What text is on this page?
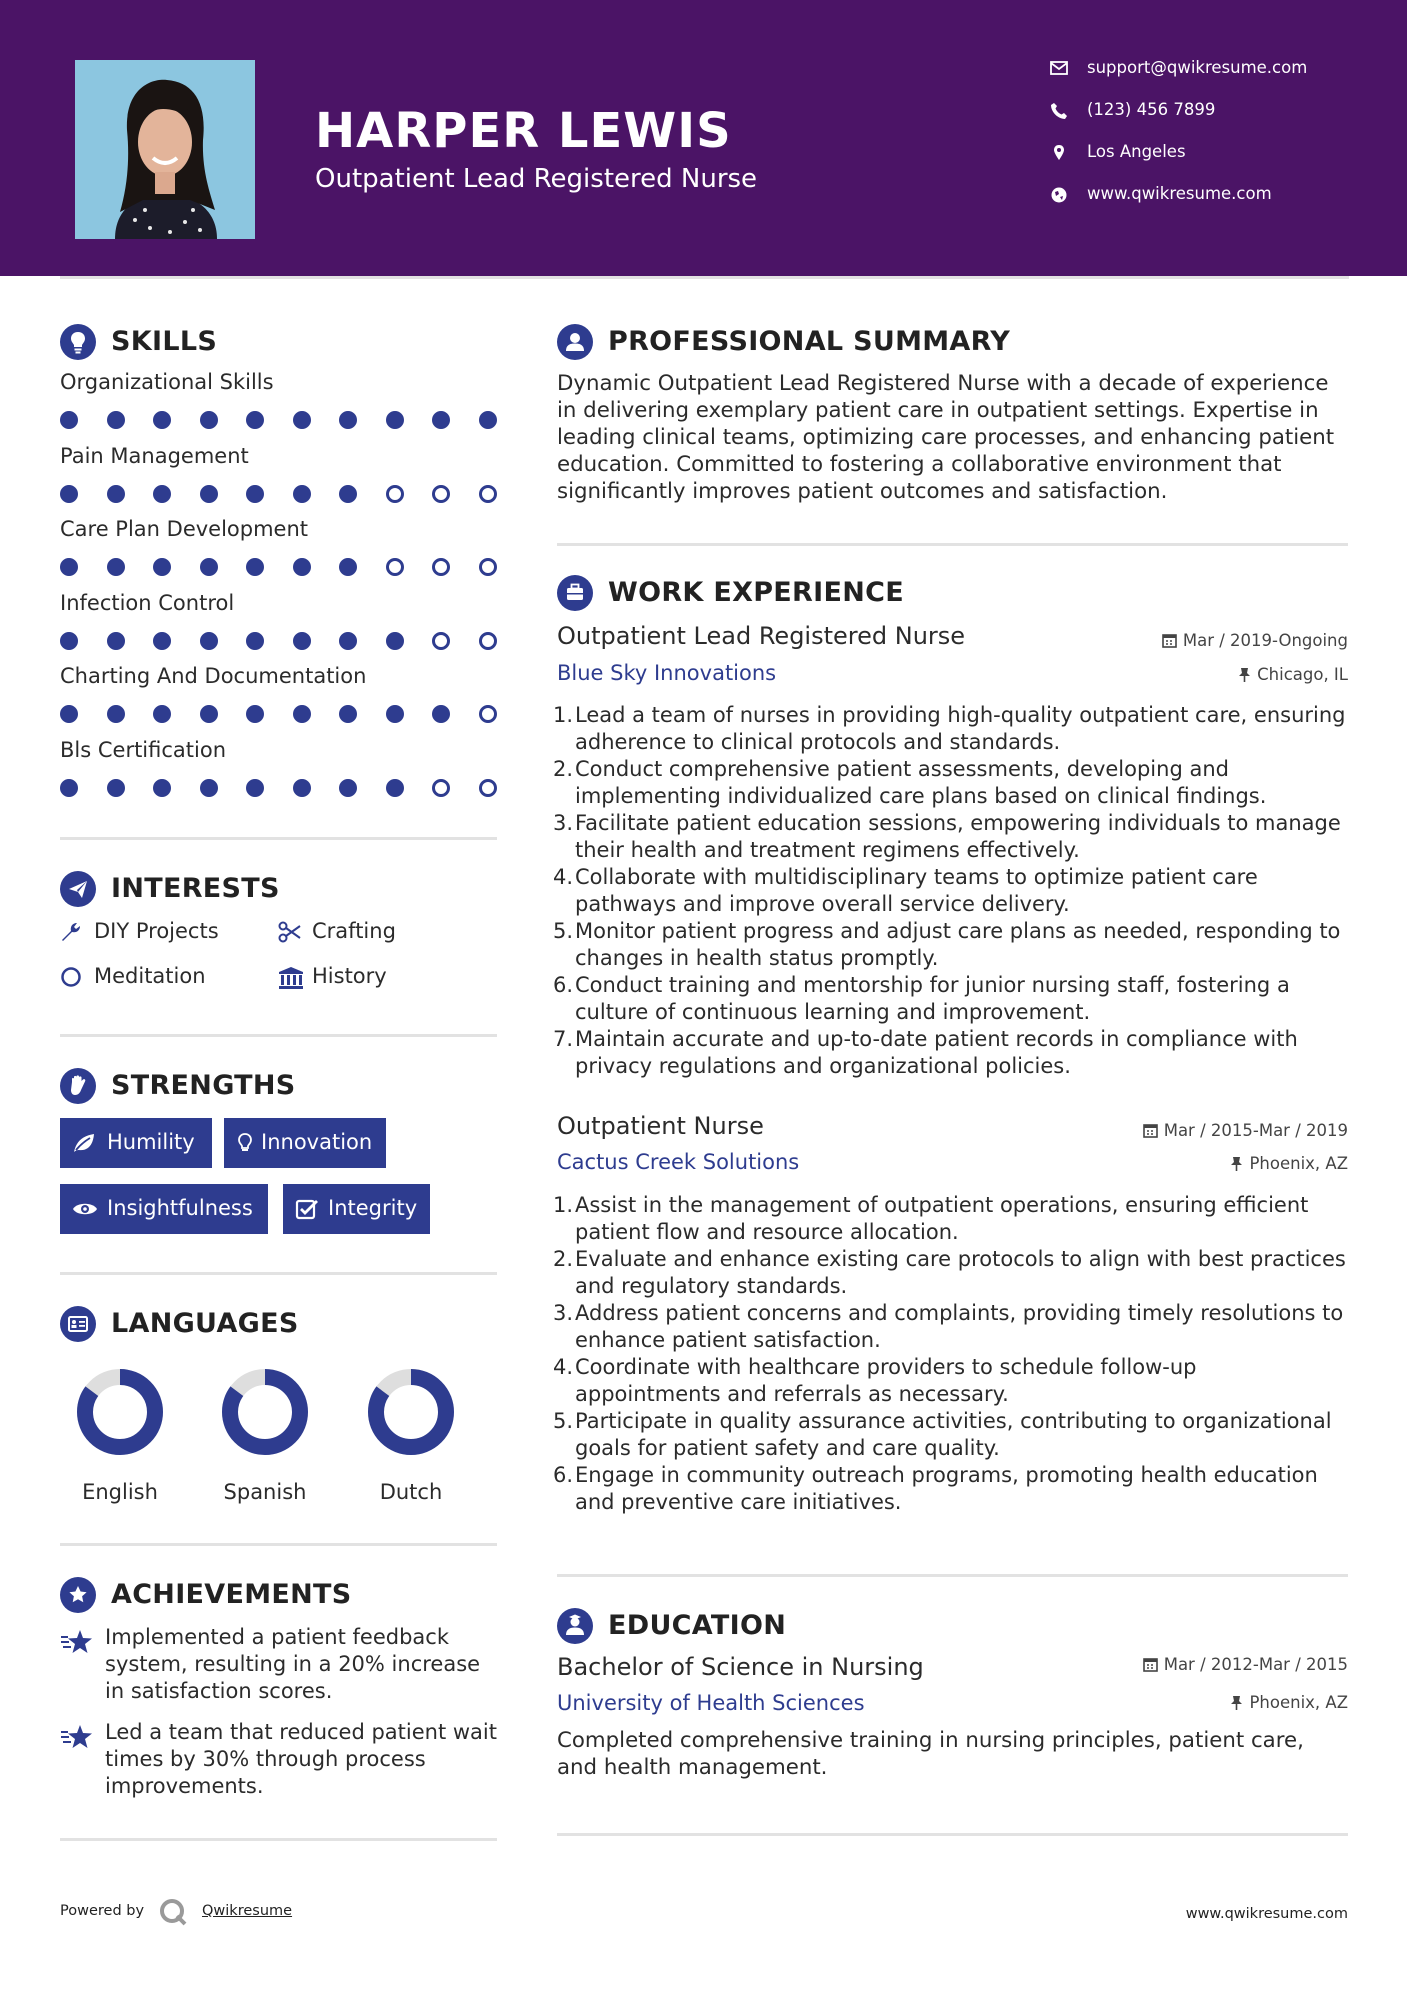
HARPER LEWIS
Outpatient Lead Registered Nurse
support@qwikresume.com
(123) 456 7899
Los Angeles
www.qwikresume.com
SKILLS
Organizational Skills
Pain Management
Care Plan Development
Infection Control
Charting And Documentation
Bls Certification
INTERESTS
DIY Projects	Crafting
Meditation	History
STRENGTHS
Humility	Innovation
Insightfulness	Integrity
LANGUAGES
English	Spanish	Dutch
ACHIEVEMENTS
Implemented a patient feedback system, resulting in a 20% increase in satisfaction scores.
Led a team that reduced patient wait times by 30% through process improvements.
PROFESSIONAL SUMMARY
Dynamic Outpatient Lead Registered Nurse with a decade of experience in delivering exemplary patient care in outpatient settings. Expertise in leading clinical teams, optimizing care processes, and enhancing patient education. Committed to fostering a collaborative environment that significantly improves patient outcomes and satisfaction.
WORK EXPERIENCE
Outpatient Lead Registered Nurse	Mar / 2019-Ongoing
Blue Sky Innovations	Chicago, IL
1. Lead a team of nurses in providing high-quality outpatient care, ensuring adherence to clinical protocols and standards.
2. Conduct comprehensive patient assessments, developing and implementing individualized care plans based on clinical findings.
3. Facilitate patient education sessions, empowering individuals to manage their health and treatment regimens effectively.
4. Collaborate with multidisciplinary teams to optimize patient care pathways and improve overall service delivery.
5. Monitor patient progress and adjust care plans as needed, responding to changes in health status promptly.
6. Conduct training and mentorship for junior nursing staff, fostering a culture of continuous learning and improvement.
7. Maintain accurate and up-to-date patient records in compliance with privacy regulations and organizational policies.
Outpatient Nurse	Mar / 2015-Mar / 2019
Cactus Creek Solutions	Phoenix, AZ
1. Assist in the management of outpatient operations, ensuring efficient patient flow and resource allocation.
2. Evaluate and enhance existing care protocols to align with best practices and regulatory standards.
3. Address patient concerns and complaints, providing timely resolutions to enhance patient satisfaction.
4. Coordinate with healthcare providers to schedule follow-up appointments and referrals as necessary.
5. Participate in quality assurance activities, contributing to organizational goals for patient safety and care quality.
6. Engage in community outreach programs, promoting health education and preventive care initiatives.
EDUCATION
Bachelor of Science in Nursing	Mar / 2012-Mar / 2015
University of Health Sciences	Phoenix, AZ
Completed comprehensive training in nursing principles, patient care, and health management.
Powered by	Qwikresume	www.qwikresume.com
